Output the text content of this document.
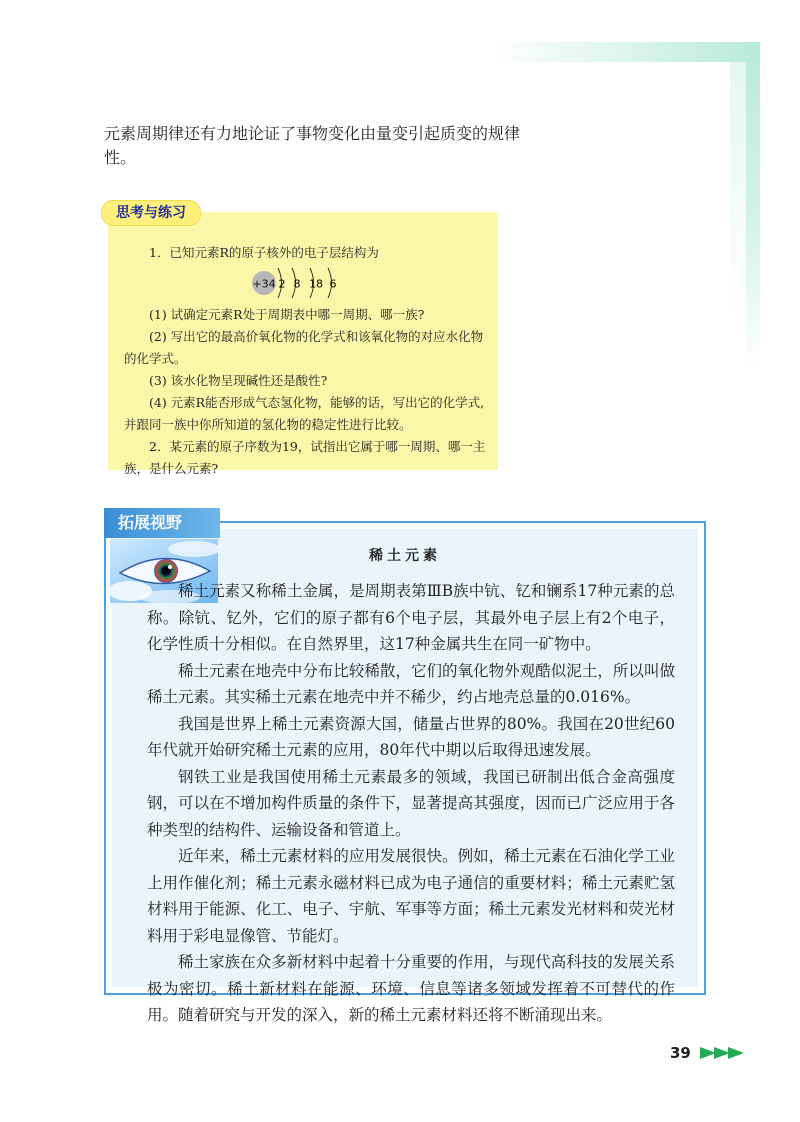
元素周期律还有力地论证了事物变化由量变引起质变的规律性。

1．已知元素R的原子核外的电子层结构为

+34 2 8 18 6

(1) 试确定元素R处于周期表中哪一周期、哪一族?

(2) 写出它的最高价氧化物的化学式和该氧化物的对应水化物的化学式。

(3) 该水化物呈现碱性还是酸性?

(4) 元素R能否形成气态氢化物，能够的话，写出它的化学式,并跟同一族中你所知道的氢化物的稳定性进行比较。

2．某元素的原子序数为19，试指出它属于哪一周期、哪一主族，是什么元素?

思考与练习
拓展视野
稀土元素

稀土元素又称稀土金属，是周期表第ⅢB族中钪、钇和镧系17种元素的总称。除钪、钇外，它们的原子都有6个电子层，其最外电子层上有2个电子，化学性质十分相似。在自然界里，这17种金属共生在同一矿物中。

稀土元素在地壳中分布比较稀散，它们的氧化物外观酷似泥土，所以叫做稀土元素。其实稀土元素在地壳中并不稀少，约占地壳总量的0.016%。

我国是世界上稀土元素资源大国，储量占世界的80%。我国在20世纪60年代就开始研究稀土元素的应用，80年代中期以后取得迅速发展。

钢铁工业是我国使用稀土元素最多的领域，我国已研制出低合金高强度钢，可以在不增加构件质量的条件下，显著提高其强度，因而已广泛应用于各种类型的结构件、运输设备和管道上。

近年来，稀土元素材料的应用发展很快。例如，稀土元素在石油化学工业上用作催化剂；稀土元素永磁材料已成为电子通信的重要材料；稀土元素贮氢材料用于能源、化工、电子、宇航、军事等方面；稀土元素发光材料和荧光材料用于彩电显像管、节能灯。

稀土家族在众多新材料中起着十分重要的作用，与现代高科技的发展关系极为密切。稀土新材料在能源、环境、信息等诸多领域发挥着不可替代的作用。随着研究与开发的深入，新的稀土元素材料还将不断涌现出来。

39
